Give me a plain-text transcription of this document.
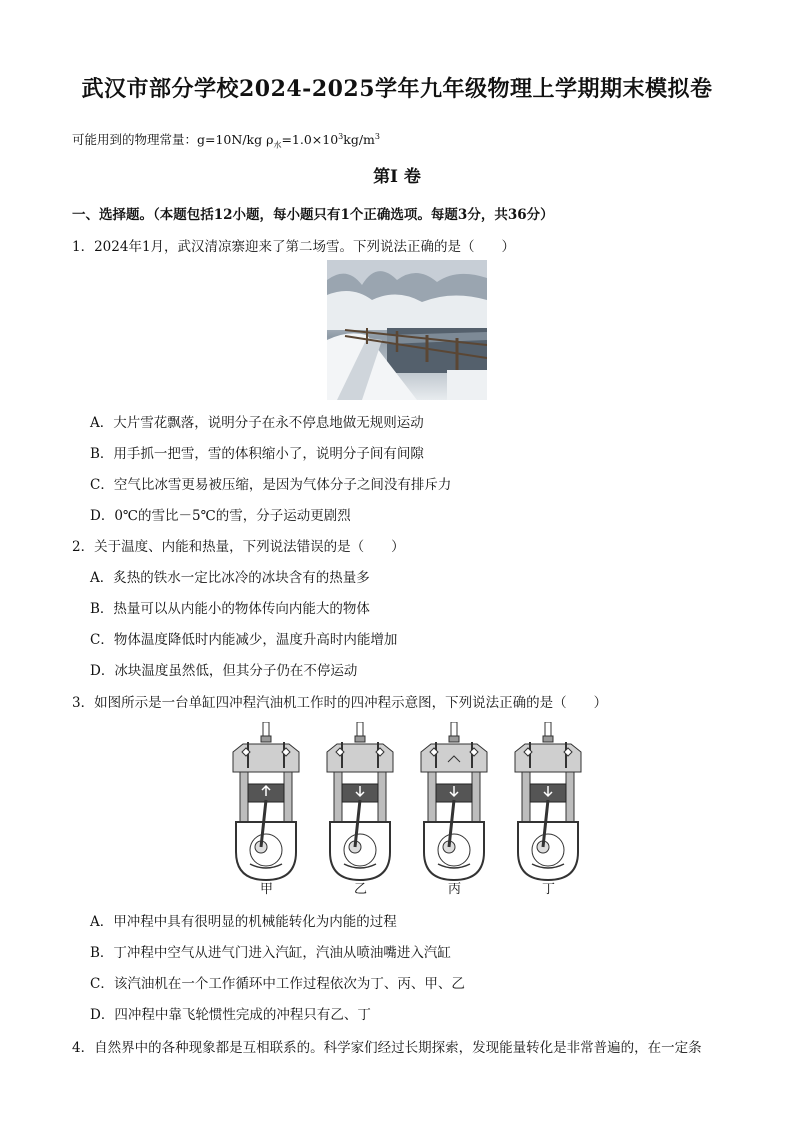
武汉市部分学校2024-2025学年九年级物理上学期期末模拟卷
可能用到的物理常量：g=10N/kg $\rho_水=1.0\times 10^3kg/m^3$
第I 卷
一、选择题。（本题包括12小题，每小题只有1个正确选项。每题3分，共36分）
1．2024年1月，武汉清凉寨迎来了第二场雪。下列说法正确的是（　　）
A．大片雪花飘落，说明分子在永不停息地做无规则运动
B．用手抓一把雪，雪的体积缩小了，说明分子间有间隙
C．空气比冰雪更易被压缩，是因为气体分子之间没有排斥力
D．0℃的雪比－5℃的雪，分子运动更剧烈
2．关于温度、内能和热量，下列说法错误的是（　　）
A．炙热的铁水一定比冰冷的冰块含有的热量多
B．热量可以从内能小的物体传向内能大的物体
C．物体温度降低时内能减少，温度升高时内能增加
D．冰块温度虽然低，但其分子仍在不停运动
3．如图所示是一台单缸四冲程汽油机工作时的四冲程示意图，下列说法正确的是（　　）
甲	乙	丙	丁
A．甲冲程中具有很明显的机械能转化为内能的过程
B．丁冲程中空气从进气门进入汽缸，汽油从喷油嘴进入汽缸
C．该汽油机在一个工作循环中工作过程依次为丁、丙、甲、乙
D．四冲程中靠飞轮惯性完成的冲程只有乙、丁
4．自然界中的各种现象都是互相联系的。科学家们经过长期探索，发现能量转化是非常普遍的，在一定条
